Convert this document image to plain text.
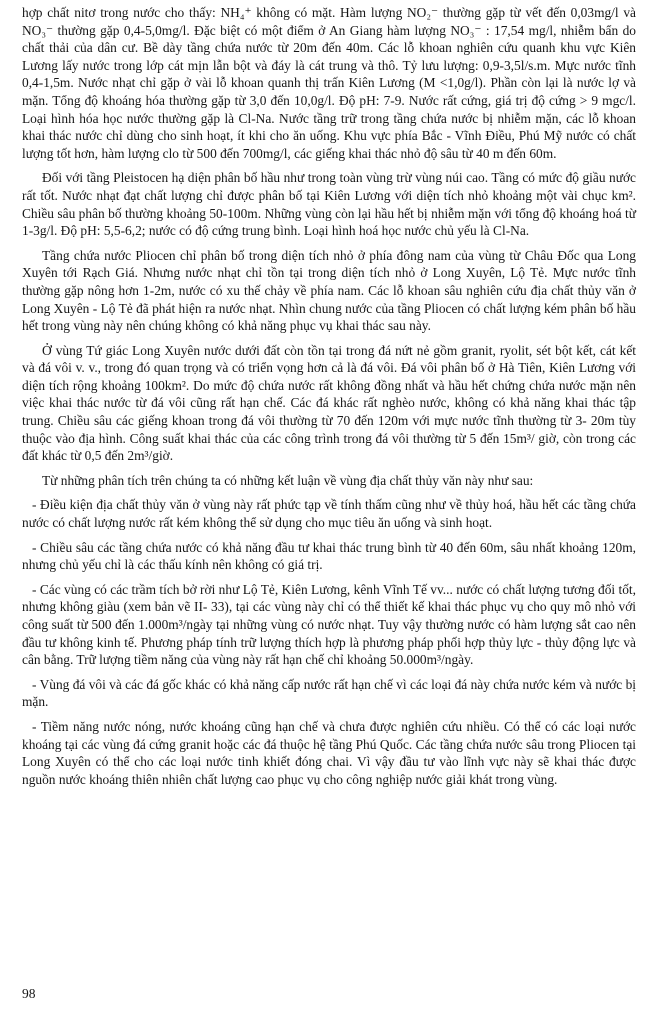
hợp chất nitơ trong nước cho thấy: NH₄⁺ không có mặt. Hàm lượng NO₂⁻ thường gặp từ vết đến 0,03mg/l và NO₃⁻ thường gặp 0,4-5,0mg/l. Đặc biệt có một điểm ở An Giang hàm lượng NO₃⁻ : 17,54 mg/l, nhiễm bẩn do chất thải của dân cư. Bề dày tầng chứa nước từ 20m đến 40m. Các lỗ khoan nghiên cứu quanh khu vực Kiên Lương lấy nước trong lớp cát mịn lẫn bột và đáy là cát trung và thô. Tỷ lưu lượng: 0,9-3,5l/s.m. Mực nước tĩnh 0,4-1,5m. Nước nhạt chỉ gặp ở vài lỗ khoan quanh thị trấn Kiên Lương (M <1,0g/l). Phần còn lại là nước lợ và mặn. Tổng độ khoáng hóa thường gặp từ 3,0 đến 10,0g/l. Độ pH: 7-9. Nước rất cứng, giá trị độ cứng > 9 mgc/l. Loại hình hóa học nước thường gặp là Cl-Na. Nước tầng trữ trong tầng chứa nước bị nhiễm mặn, các lỗ khoan khai thác nước chỉ dùng cho sinh hoạt, ít khi cho ăn uống. Khu vực phía Bắc - Vĩnh Điều, Phú Mỹ nước có chất lượng tốt hơn, hàm lượng clo từ 500 đến 700mg/l, các giếng khai thác nhỏ độ sâu từ 40 m đến 60m.

Đối với tầng Pleistocen hạ diện phân bố hầu như trong toàn vùng trừ vùng núi cao. Tầng có mức độ giầu nước rất tốt. Nước nhạt đạt chất lượng chỉ được phân bố tại Kiên Lương với diện tích nhỏ khoảng một vài chục km². Chiều sâu phân bố thường khoảng 50-100m. Những vùng còn lại hầu hết bị nhiễm mặn với tổng độ khoáng hoá từ 1-3g/l. Độ pH: 5,5-6,2; nước có độ cứng trung bình. Loại hình hoá học nước chủ yếu là Cl-Na.

Tầng chứa nước Pliocen chỉ phân bố trong diện tích nhỏ ở phía đông nam của vùng từ Châu Đốc qua Long Xuyên tới Rạch Giá. Nhưng nước nhạt chỉ tồn tại trong diện tích nhỏ ở Long Xuyên, Lộ Tẻ. Mực nước tĩnh thường gặp nông hơn 1-2m, nước có xu thế chảy về phía nam. Các lỗ khoan sâu nghiên cứu địa chất thủy văn ở Long Xuyên - Lộ Tẻ đã phát hiện ra nước nhạt. Nhìn chung nước của tầng Pliocen có chất lượng kém phân bố hầu hết trong vùng này nên chúng không có khả năng phục vụ khai thác sau này.

Ở vùng Tứ giác Long Xuyên nước dưới đất còn tồn tại trong đá nứt nẻ gồm granit, ryolit, sét bột kết, cát kết và đá vôi v. v., trong đó quan trọng và có triển vọng hơn cả là đá vôi. Đá vôi phân bố ở Hà Tiên, Kiên Lương với diện tích rộng khoảng 100km². Do mức độ chứa nước rất không đồng nhất và hầu hết chứng chứa nước mặn nên việc khai thác nước từ đá vôi cũng rất hạn chế. Các đá khác rất nghèo nước, không có khả năng khai thác tập trung. Chiều sâu các giếng khoan trong đá vôi thường từ 70 đến 120m với mực nước tĩnh thường từ 3- 20m tùy thuộc vào địa hình. Công suất khai thác của các công trình trong đá vôi thường từ 5 đến 15m³/ giờ, còn trong các đất khác từ 0,5 đến 2m³/giờ.

Từ những phân tích trên chúng ta có những kết luận về vùng địa chất thủy văn này như sau:

- Điều kiện địa chất thủy văn ở vùng này rất phức tạp về tính thấm cũng như về thủy hoá, hầu hết các tầng chứa nước có chất lượng nước rất kém không thể sử dụng cho mục tiêu ăn uống và sinh hoạt.

- Chiều sâu các tầng chứa nước có khả năng đầu tư khai thác trung bình từ 40 đến 60m, sâu nhất khoảng 120m, nhưng chủ yếu chỉ là các thấu kính nên không có giá trị.

- Các vùng có các trầm tích bở rời như Lộ Tẻ, Kiên Lương, kênh Vĩnh Tế vv... nước có chất lượng tương đối tốt, nhưng không giàu (xem bản vẽ II- 33), tại các vùng này chỉ có thể thiết kế khai thác phục vụ cho quy mô nhỏ với công suất từ 500 đến 1.000m³/ngày tại những vùng có nước nhạt. Tuy vậy thường nước có hàm lượng sắt cao nên đầu tư không kinh tế. Phương pháp tính trữ lượng thích hợp là phương pháp phối hợp thủy lực - thủy động lực và cân bằng. Trữ lượng tiềm năng của vùng này rất hạn chế chỉ khoảng 50.000m³/ngày.

- Vùng đá vôi và các đá gốc khác có khả năng cấp nước rất hạn chế vì các loại đá này chứa nước kém và nước bị mặn.

- Tiềm năng nước nóng, nước khoáng cũng hạn chế và chưa được nghiên cứu nhiều. Có thể có các loại nước khoáng tại các vùng đá cứng granit hoặc các đá thuộc hệ tầng Phú Quốc. Các tầng chứa nước sâu trong Pliocen tại Long Xuyên có thể cho các loại nước tinh khiết đóng chai. Vì vậy đầu tư vào lĩnh vực này sẽ khai thác được nguồn nước khoáng thiên nhiên chất lượng cao phục vụ cho công nghiệp nước giải khát trong vùng.

98
